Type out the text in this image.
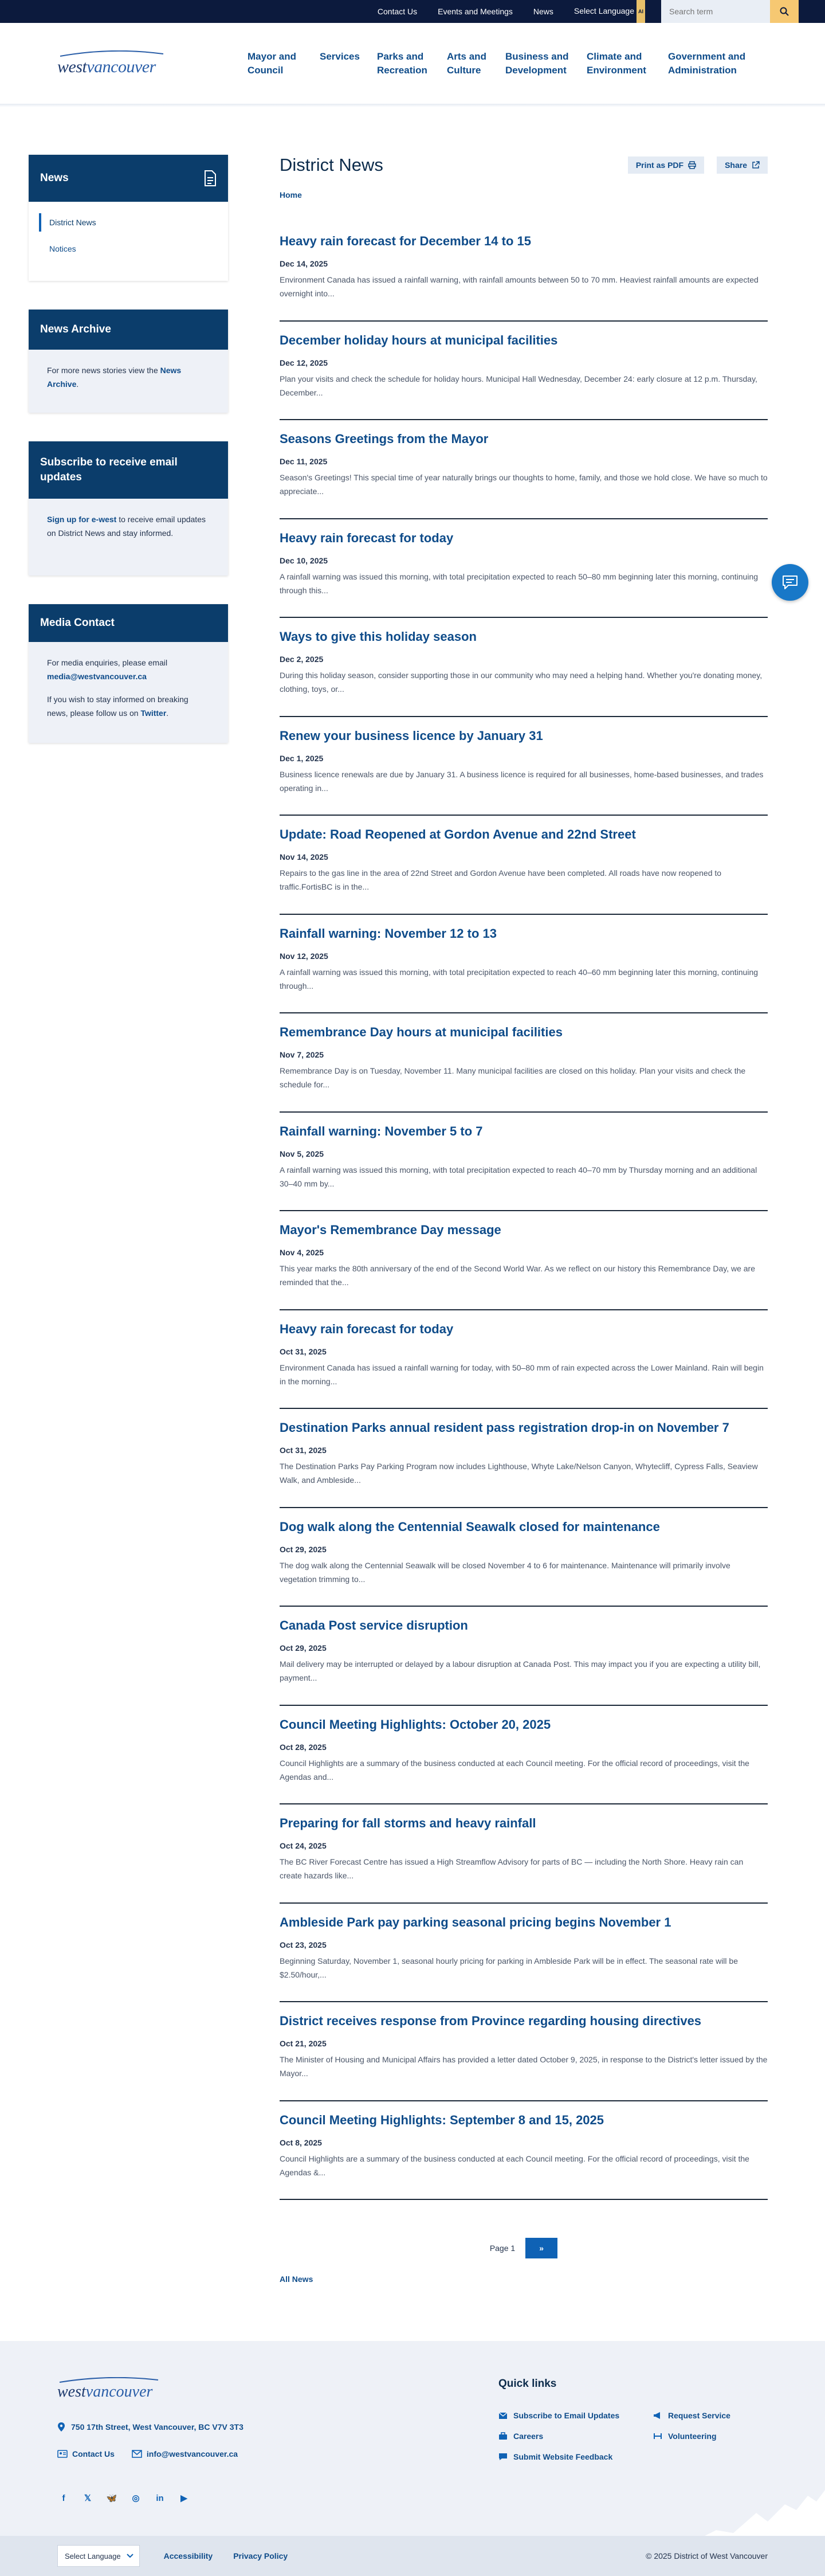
Contact Us	Events and Meetings	News	Select Language AI
Search term
westvancouver
Mayor and Council
Services Parks and Recreation
Arts and Culture
Business and Development
Climate and Environment
Government and Administration
News
District News
Notices
News Archive
For more news stories view the News Archive.
Subscribe to receive email updates
Sign up for e-west to receive email updates on District News and stay informed.
Media Contact

For media enquiries, please email media@westvancouver.ca

If you wish to stay informed on breaking news, please follow us on Twitter.

District News	Print as PDF	Share
Home
Heavy rain forecast for December 14 to 15
Dec 14, 2025

Environment Canada has issued a rainfall warning, with rainfall amounts between 50 to 70 mm. Heaviest rainfall amounts are expected overnight into...

December holiday hours at municipal facilities
Dec 12, 2025

Plan your visits and check the schedule for holiday hours. Municipal Hall Wednesday, December 24: early closure at 12 p.m. Thursday, December...

Seasons Greetings from the Mayor
Dec 11, 2025

Season's Greetings! This special time of year naturally brings our thoughts to home, family, and those we hold close. We have so much to appreciate...

Heavy rain forecast for today
Dec 10, 2025

A rainfall warning was issued this morning, with total precipitation expected to reach 50–80 mm beginning later this morning, continuing through this...

Ways to give this holiday season
Dec 2, 2025

During this holiday season, consider supporting those in our community who may need a helping hand. Whether you're donating money, clothing, toys, or...

Renew your business licence by January 31
Dec 1, 2025

Business licence renewals are due by January 31. A business licence is required for all businesses, home-based businesses, and trades operating in...

Update: Road Reopened at Gordon Avenue and 22nd Street
Nov 14, 2025

Repairs to the gas line in the area of 22nd Street and Gordon Avenue have been completed. All roads have now reopened to traffic.FortisBC is in the...

Rainfall warning: November 12 to 13
Nov 12, 2025

A rainfall warning was issued this morning, with total precipitation expected to reach 40–60 mm beginning later this morning, continuing through...

Remembrance Day hours at municipal facilities
Nov 7, 2025

Remembrance Day is on Tuesday, November 11. Many municipal facilities are closed on this holiday. Plan your visits and check the schedule for...

Rainfall warning: November 5 to 7
Nov 5, 2025

A rainfall warning was issued this morning, with total precipitation expected to reach 40–70 mm by Thursday morning and an additional 30–40 mm by...

Mayor's Remembrance Day message
Nov 4, 2025

This year marks the 80th anniversary of the end of the Second World War. As we reflect on our history this Remembrance Day, we are reminded that the...

Heavy rain forecast for today
Oct 31, 2025

Environment Canada has issued a rainfall warning for today, with 50–80 mm of rain expected across the Lower Mainland. Rain will begin in the morning...

Destination Parks annual resident pass registration drop-in on November 7
Oct 31, 2025

The Destination Parks Pay Parking Program now includes Lighthouse, Whyte Lake/Nelson Canyon, Whytecliff, Cypress Falls, Seaview Walk, and Ambleside...

Dog walk along the Centennial Seawalk closed for maintenance
Oct 29, 2025

The dog walk along the Centennial Seawalk will be closed November 4 to 6 for maintenance. Maintenance will primarily involve vegetation trimming to...

Canada Post service disruption
Oct 29, 2025

Mail delivery may be interrupted or delayed by a labour disruption at Canada Post. This may impact you if you are expecting a utility bill, payment...

Council Meeting Highlights: October 20, 2025
Oct 28, 2025

Council Highlights are a summary of the business conducted at each Council meeting. For the official record of proceedings, visit the Agendas and...

Preparing for fall storms and heavy rainfall
Oct 24, 2025

The BC River Forecast Centre has issued a High Streamflow Advisory for parts of BC — including the North Shore. Heavy rain can create hazards like...

Ambleside Park pay parking seasonal pricing begins November 1
Oct 23, 2025

Beginning Saturday, November 1, seasonal hourly pricing for parking in Ambleside Park will be in effect. The seasonal rate will be $2.50/hour,...

District receives response from Province regarding housing directives
Oct 21, 2025

The Minister of Housing and Municipal Affairs has provided a letter dated October 9, 2025, in response to the District's letter issued by the Mayor...

Council Meeting Highlights: September 8 and 15, 2025
Oct 8, 2025

Council Highlights are a summary of the business conducted at each Council meeting. For the official record of proceedings, visit the Agendas &...

Page 1	»
All News
westvancouver
750 17th Street, West Vancouver, BC V7V 3T3
Contact Us	info@westvancouver.ca
f	𝕏	🦋 ◎ in	▶
Quick links
Subscribe to Email Updates	Request Service
Careers	Volunteering
Submit Website Feedback
Select Language	Accessibility	Privacy Policy	© 2025 District of West Vancouver
